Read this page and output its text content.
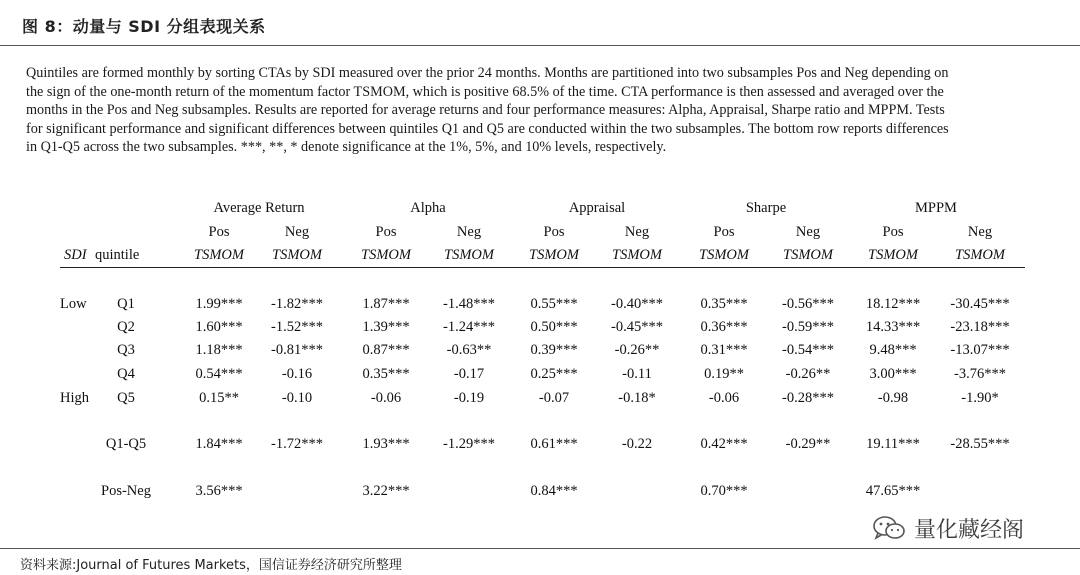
图 8：动量与 SDI 分组表现关系

Quintiles are formed monthly by sorting CTAs by SDI measured over the prior 24 months. Months are partitioned into two subsamples Pos and Neg depending on

the sign of the one-month return of the momentum factor TSMOM, which is positive 68.5% of the time. CTA performance is then assessed and averaged over the

months in the Pos and Neg subsamples. Results are reported for average returns and four performance measures: Alpha, Appraisal, Sharpe ratio and MPPM. Tests

for significant performance and significant differences between quintiles Q1 and Q5 are conducted within the two subsamples. The bottom row reports differences

in Q1-Q5 across the two subsamples. ***, **, * denote significance at the 1%, 5%, and 10% levels, respectively.

Average Return	Alpha	Appraisal	Sharpe	MPPM
Pos	Neg	Pos	Neg	Pos	Neg	Pos	Neg	Pos	Neg
TSMOM TSMOM	TSMOM TSMOM TSMOM TSMOM	TSMOM TSMOM TSMOM	TSMOM
SDI quintile
Low Q1	1.99*** -1.82***	1.87*** -1.48*** 0.55*** -0.40***	0.35*** -0.56*** 18.12*** -30.45***
Q2	1.60*** -1.52***	1.39*** -1.24*** 0.50*** -0.45***	0.36*** -0.59*** 14.33*** -23.18***
Q3	1.18*** -0.81***	0.87***	-0.63**	0.39***	-0.26**	0.31*** -0.54*** 9.48*** -13.07***
Q4	0.54***	-0.16	0.35***	-0.17	0.25***	-0.11	0.19**	-0.26**	3.00***	-3.76***
High Q5	0.15**	-0.10	-0.06	-0.19	-0.07	-0.18*	-0.06	-0.28***	-0.98	-1.90*
Q1-Q5	1.84*** -1.72***	1.93*** -1.29*** 0.61***	-0.22	0.42***	-0.29** 19.11*** -28.55***
Pos-Neg	3.56***	3.22***	0.84***	0.70***	47.65***
量化藏经阁
资料来源:Journal of Futures Markets，国信证券经济研究所整理
